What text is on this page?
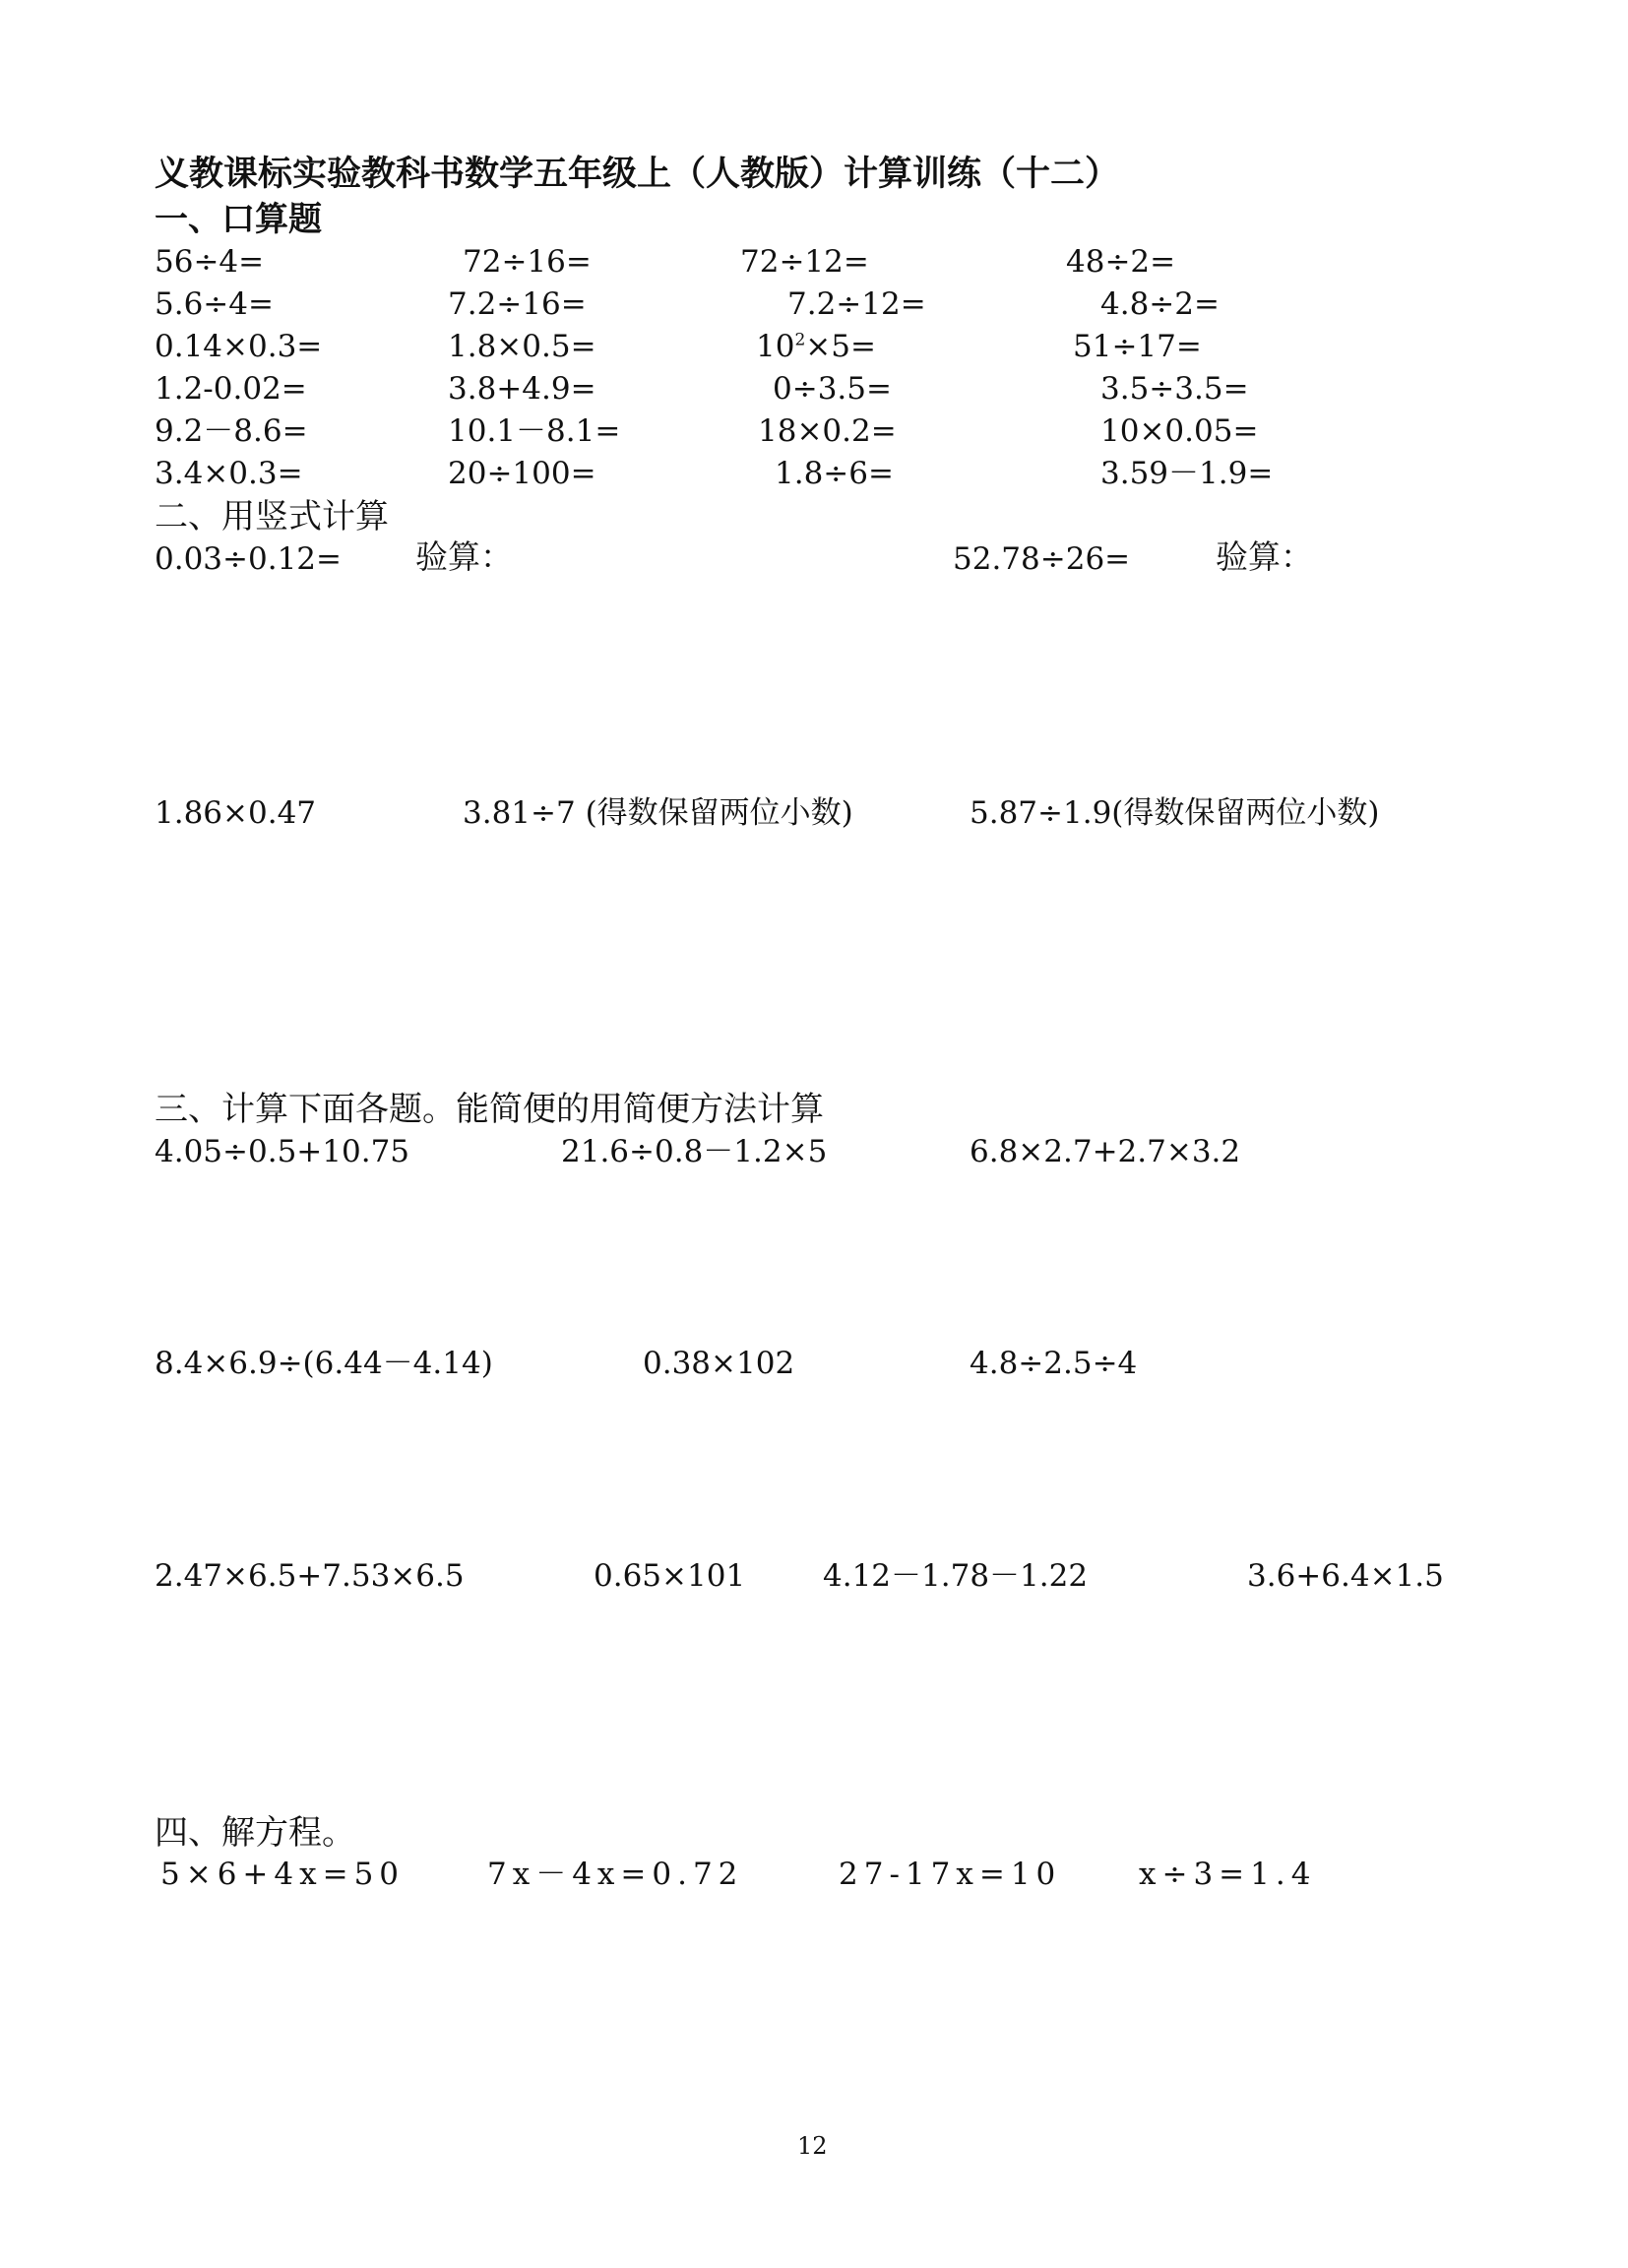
义教课标实验教科书数学五年级上（人教版）计算训练（十二）
一、口算题
56÷4=	72÷16=	72÷12=	48÷2=
5.6÷4=	7.2÷16=	7.2÷12=	4.8÷2=
0.14×0.3=	1.8×0.5=	$10^2\times 5=$	51÷17=
1.2-0.02=	3.8+4.9=	0÷3.5=	3.5÷3.5=
9.2－8.6=	10.1－8.1=	18×0.2=	10×0.05=
3.4×0.3=	20÷100=	1.8÷6=	3.59－1.9=
二、用竖式计算
0.03÷0.12= 验算：	52.78÷26=	验算：
1.86×0.47	3.81÷7 (得数保留两位小数)	5.87÷1.9(得数保留两位小数)
三、计算下面各题。能简便的用简便方法计算
4.05÷0.5+10.75	21.6÷0.8－1.2×5	6.8×2.7+2.7×3.2
8.4×6.9÷(6.44－4.14)	0.38×102	4.8÷2.5÷4
2.47×6.5+7.53×6.5	0.65×101	4.12－1.78－1.22	3.6+6.4×1.5
四、解方程。
5×6+4x=50	7x－4x=0.72	27-17x=10	x÷3=1.4
12
